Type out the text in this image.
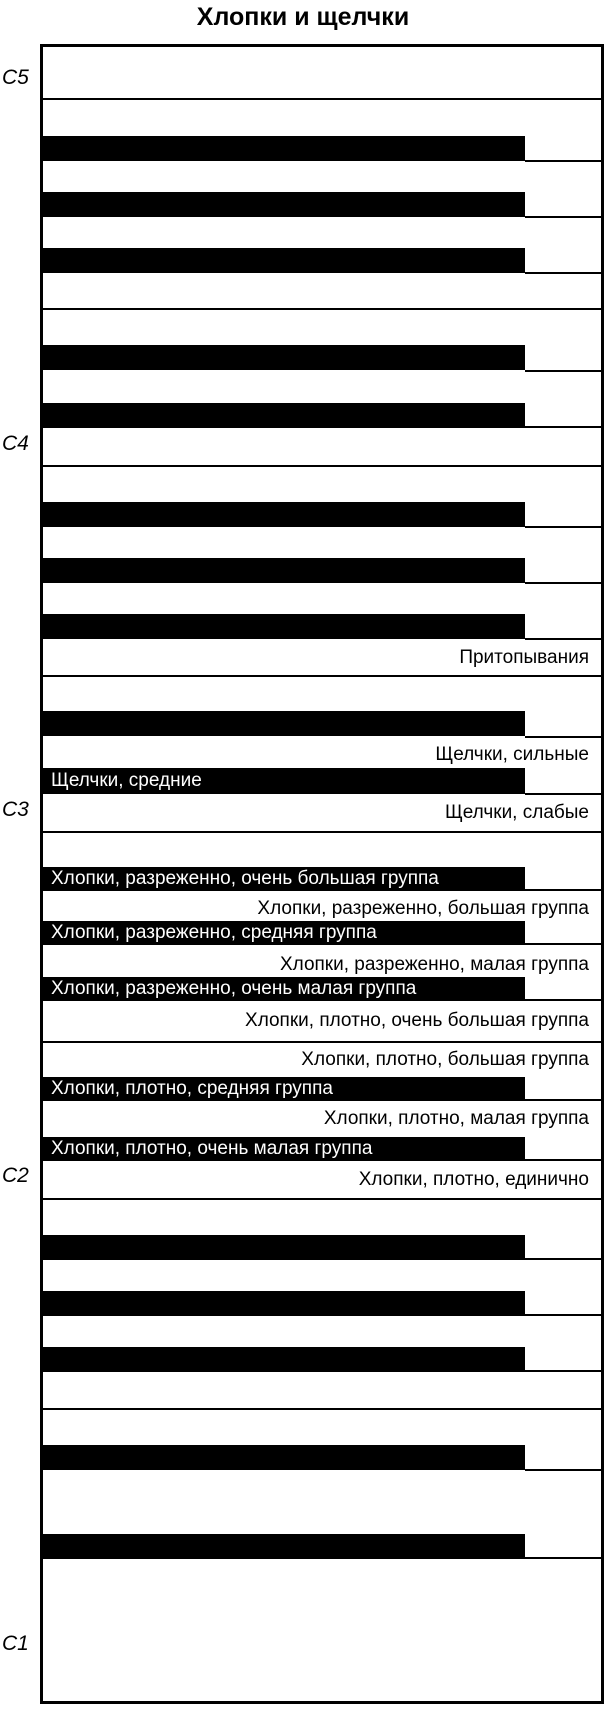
Хлопки и щелчки
C5
C4
C3
C2
C1
Притопывания
Щелчки, сильные
Щелчки, средние
Щелчки, слабые
Хлопки, разреженно, очень большая группа
Хлопки, разреженно, большая группа
Хлопки, разреженно, средняя группа
Хлопки, разреженно, малая группа
Хлопки, разреженно, очень малая группа
Хлопки, плотно, очень большая группа
Хлопки, плотно, большая группа
Хлопки, плотно, средняя группа
Хлопки, плотно, малая группа
Хлопки, плотно, очень малая группа
Хлопки, плотно, единично
